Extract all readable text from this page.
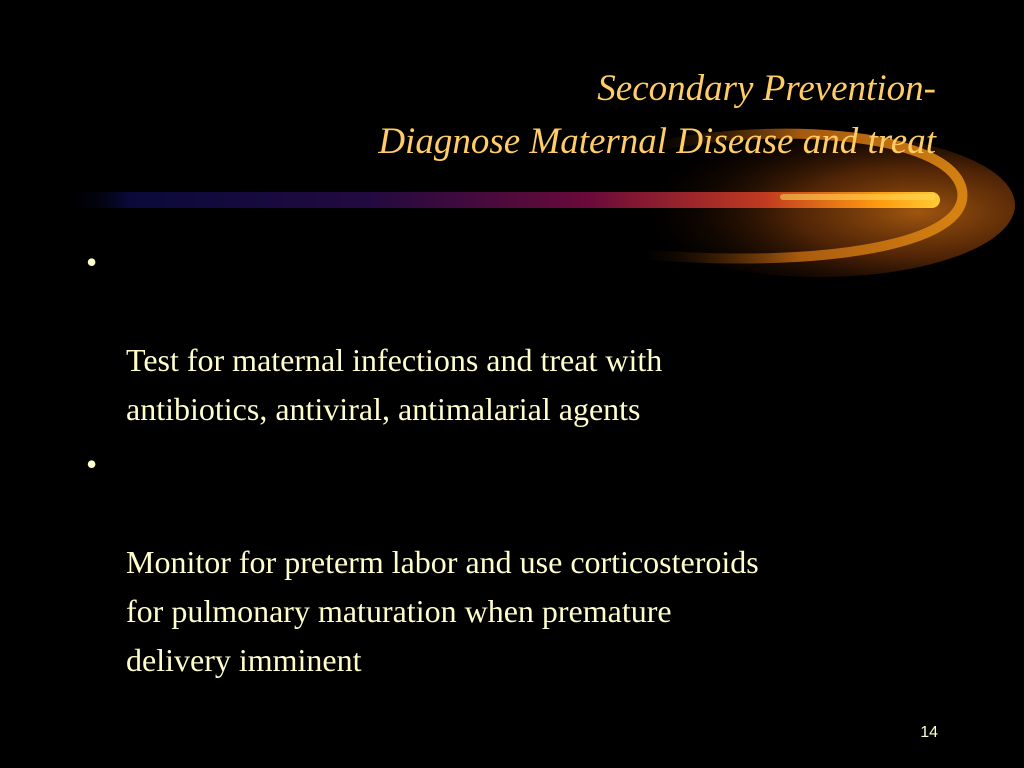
Secondary Prevention-
Diagnose Maternal Disease and treat

•

Test for maternal infections and treat with
antibiotics, antiviral, antimalarial agents

•

Monitor for preterm labor and use corticosteroids
for pulmonary maturation when premature
delivery imminent

14
